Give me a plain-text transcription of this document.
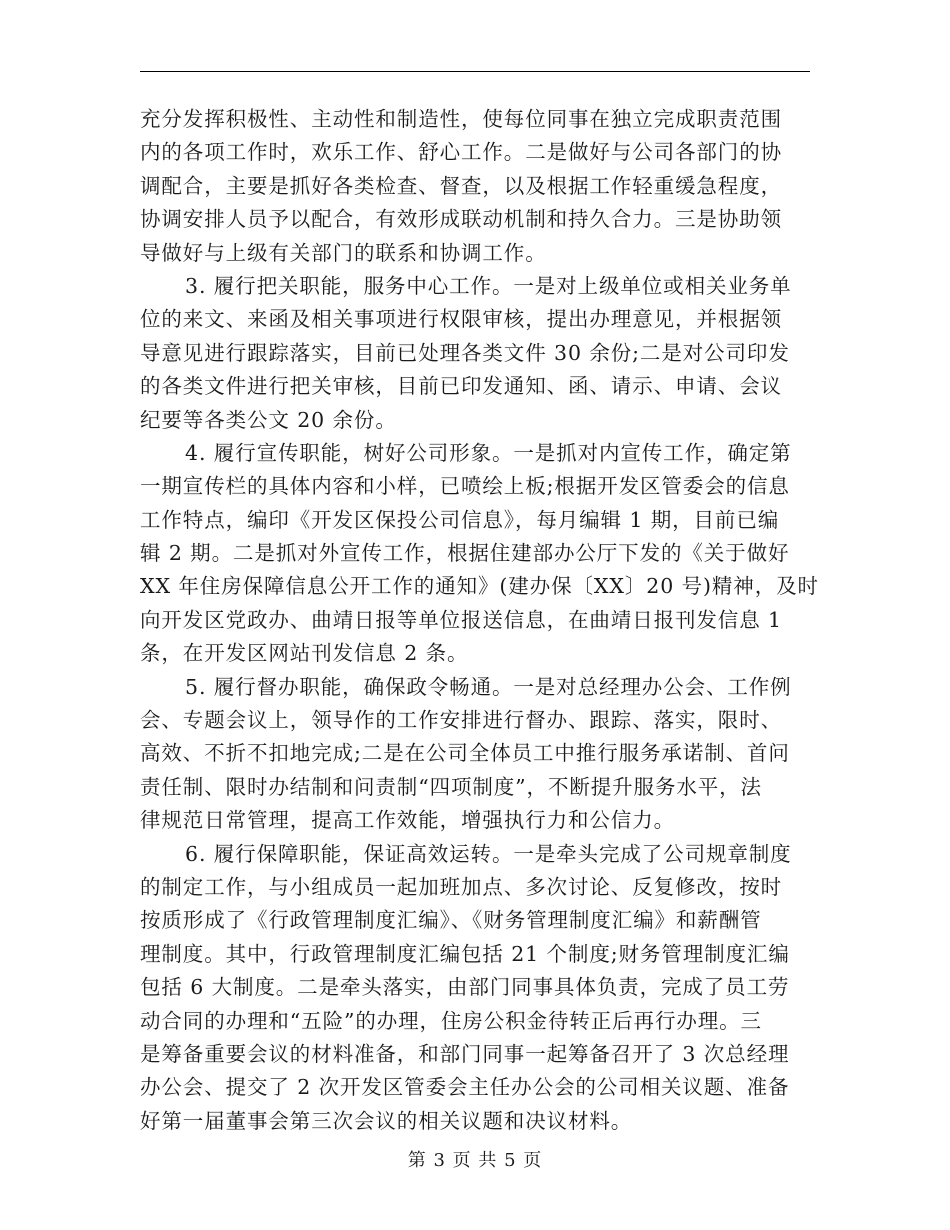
充分发挥积极性、主动性和制造性，使每位同事在独立完成职责范围
内的各项工作时，欢乐工作、舒心工作。二是做好与公司各部门的协
调配合，主要是抓好各类检查、督查，以及根据工作轻重缓急程度，
协调安排人员予以配合，有效形成联动机制和持久合力。三是协助领
导做好与上级有关部门的联系和协调工作。
3. 履行把关职能，服务中心工作。一是对上级单位或相关业务单
位的来文、来函及相关事项进行权限审核，提出办理意见，并根据领
导意见进行跟踪落实，目前已处理各类文件 30 余份;二是对公司印发
的各类文件进行把关审核，目前已印发通知、函、请示、申请、会议
纪要等各类公文 20 余份。
4. 履行宣传职能，树好公司形象。一是抓对内宣传工作，确定第
一期宣传栏的具体内容和小样，已喷绘上板;根据开发区管委会的信息
工作特点，编印《开发区保投公司信息》，每月编辑 1 期，目前已编
辑 2 期。二是抓对外宣传工作，根据住建部办公厅下发的《关于做好
XX 年住房保障信息公开工作的通知》(建办保〔XX〕20 号)精神，及时
向开发区党政办、曲靖日报等单位报送信息，在曲靖日报刊发信息 1
条，在开发区网站刊发信息 2 条。
5. 履行督办职能，确保政令畅通。一是对总经理办公会、工作例
会、专题会议上，领导作的工作安排进行督办、跟踪、落实，限时、
高效、不折不扣地完成;二是在公司全体员工中推行服务承诺制、首问
责任制、限时办结制和问责制“四项制度”，不断提升服务水平，法
律规范日常管理，提高工作效能，增强执行力和公信力。
6. 履行保障职能，保证高效运转。一是牵头完成了公司规章制度
的制定工作，与小组成员一起加班加点、多次讨论、反复修改，按时
按质形成了《行政管理制度汇编》、《财务管理制度汇编》和薪酬管
理制度。其中，行政管理制度汇编包括 21 个制度;财务管理制度汇编
包括 6 大制度。二是牵头落实，由部门同事具体负责，完成了员工劳
动合同的办理和“五险”的办理，住房公积金待转正后再行办理。三
是筹备重要会议的材料准备，和部门同事一起筹备召开了 3 次总经理
办公会、提交了 2 次开发区管委会主任办公会的公司相关议题、准备
好第一届董事会第三次会议的相关议题和决议材料。
第 3 页 共 5 页
